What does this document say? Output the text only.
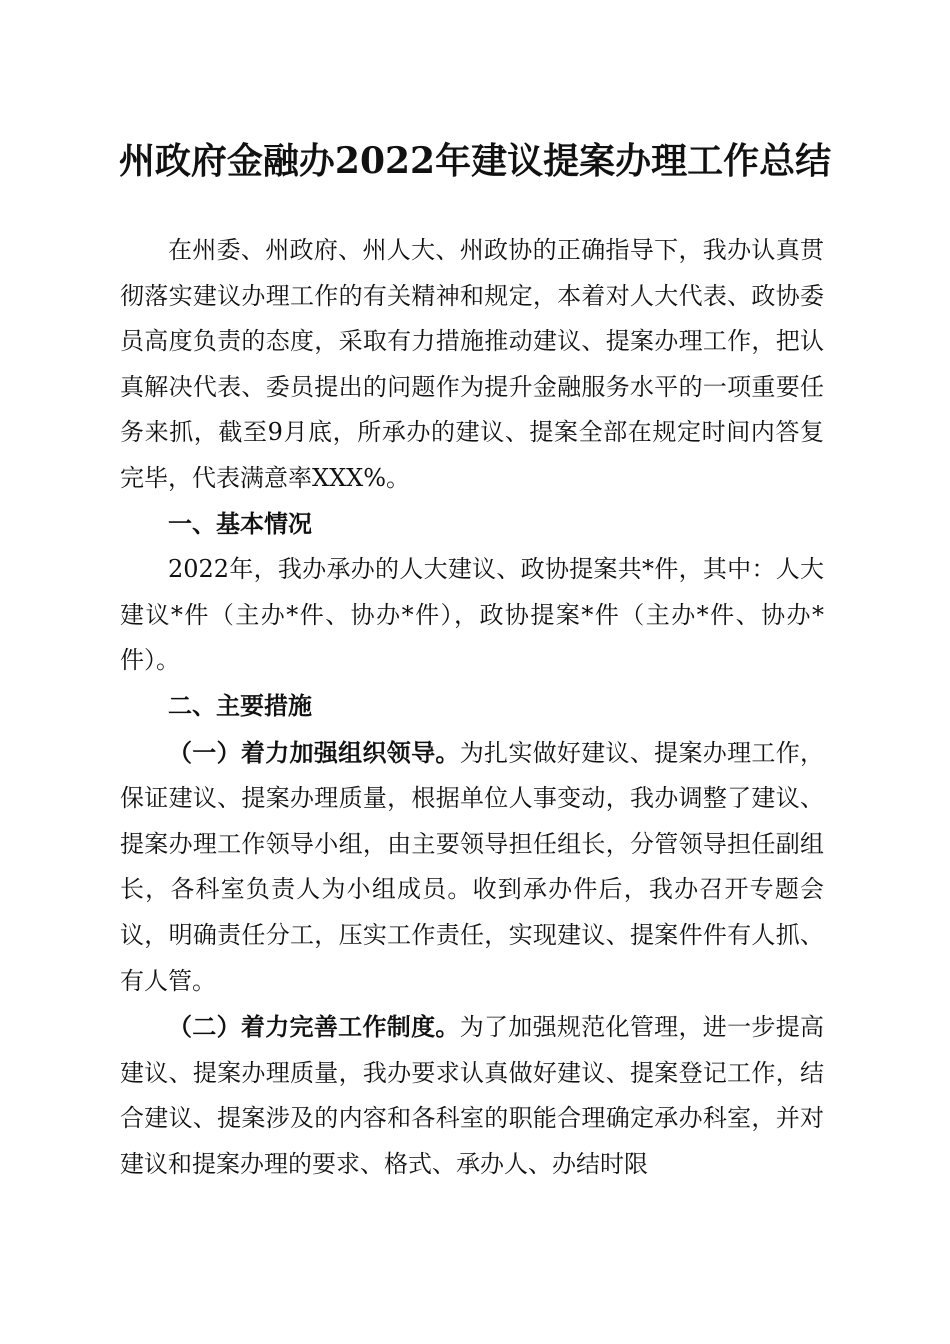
州政府金融办2022年建议提案办理工作总结

在州委、州政府、州人大、州政协的正确指导下，我办认真贯彻落实建议办理工作的有关精神和规定，本着对人大代表、政协委员高度负责的态度，采取有力措施推动建议、提案办理工作，把认真解决代表、委员提出的问题作为提升金融服务水平的一项重要任务来抓，截至9月底，所承办的建议、提案全部在规定时间内答复完毕，代表满意率XXX%。

一、基本情况

2022年，我办承办的人大建议、政协提案共*件，其中：人大建议*件（主办*件、协办*件），政协提案*件（主办*件、协办*件）。

二、主要措施

（一）着力加强组织领导。为扎实做好建议、提案办理工作，保证建议、提案办理质量，根据单位人事变动，我办调整了建议、提案办理工作领导小组，由主要领导担任组长，分管领导担任副组长，各科室负责人为小组成员。收到承办件后，我办召开专题会议，明确责任分工，压实工作责任，实现建议、提案件件有人抓、有人管。

（二）着力完善工作制度。为了加强规范化管理，进一步提高建议、提案办理质量，我办要求认真做好建议、提案登记工作，结合建议、提案涉及的内容和各科室的职能合理确定承办科室，并对建议和提案办理的要求、格式、承办人、办结时限
